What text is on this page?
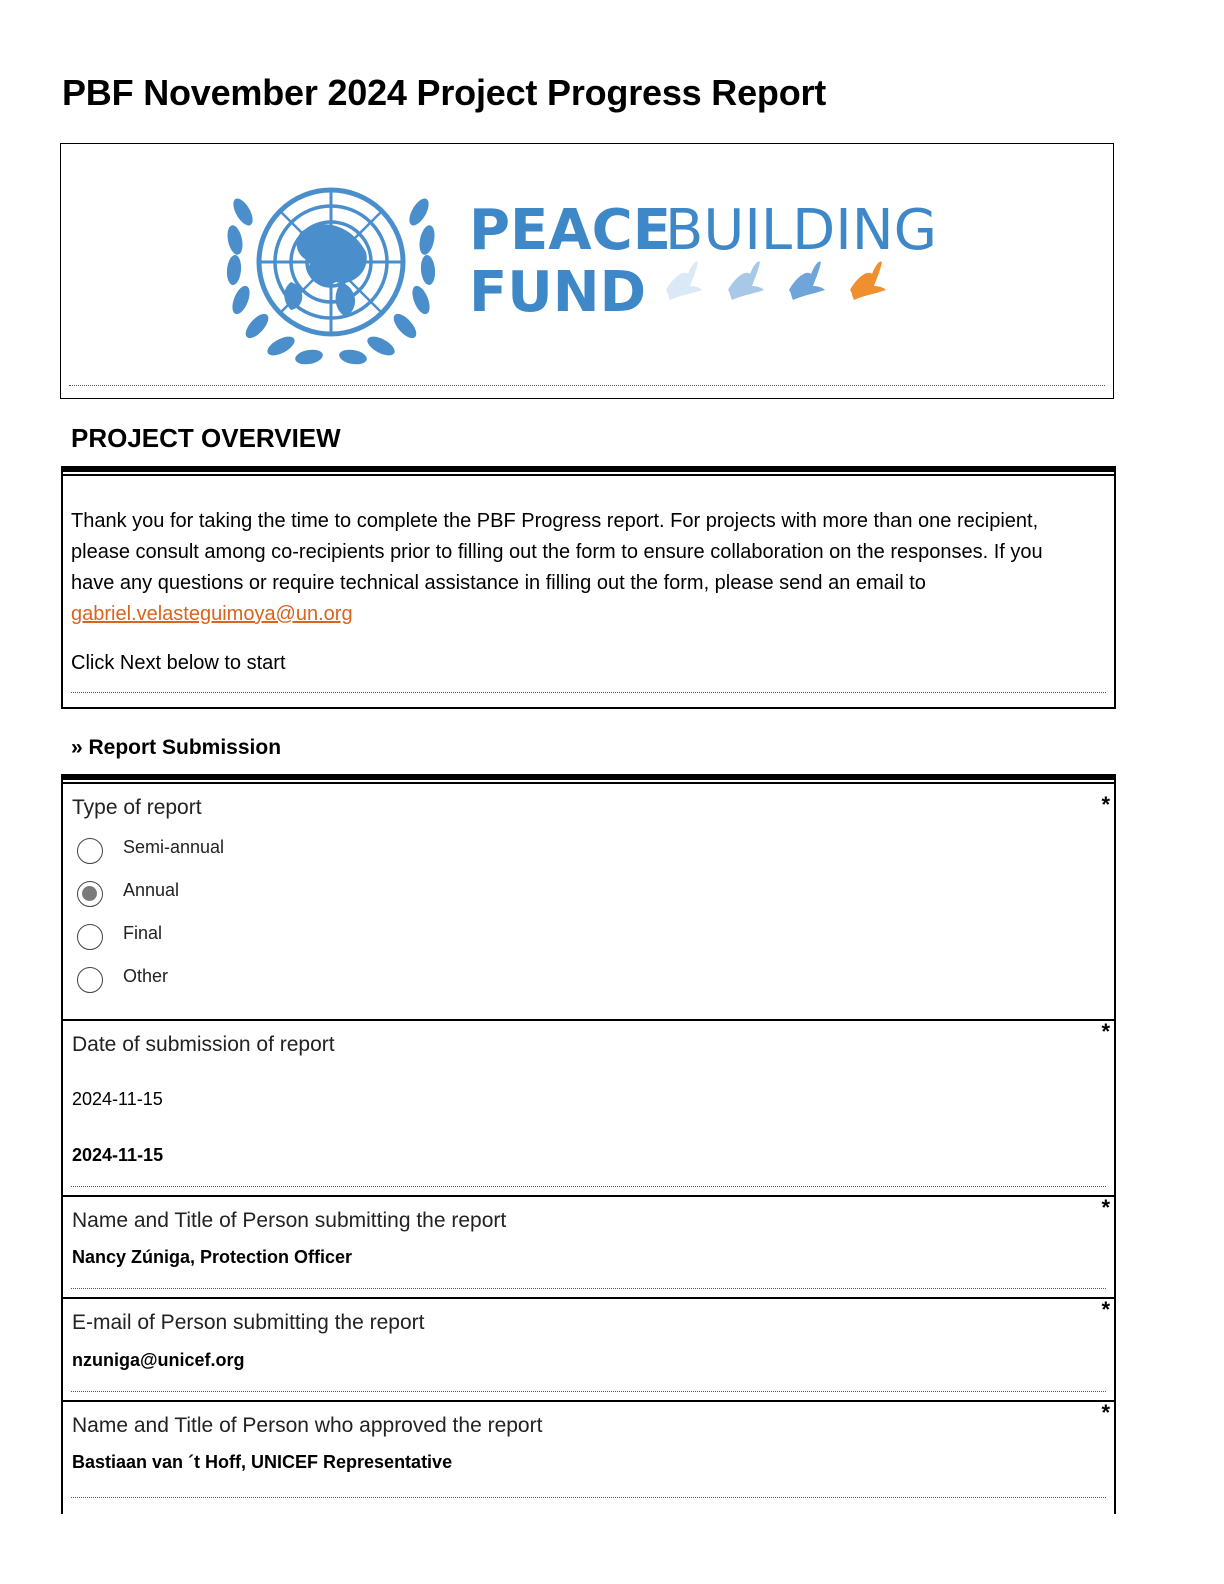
PBF November 2024 Project Progress Report
PEACE
BUILDING
FUND
PROJECT OVERVIEW
Thank you for taking the time to complete the PBF Progress report. For projects with more than one recipient, please consult among co-recipients prior to filling out the form to ensure collaboration on the responses. If you have any questions or require technical assistance in filling out the form, please send an email to gabriel.velasteguimoya@un.org
Click Next below to start
» Report Submission
Type of report	*
Semi-annual
Annual
Final
Other
Date of submission of report
*
2024-11-15
2024-11-15
Name and Title of Person submitting the report
*
Nancy Zúniga, Protection Officer
E-mail of Person submitting the report
*
nzuniga@unicef.org
Name and Title of Person who approved the report
*
Bastiaan van ´t Hoff, UNICEF Representative
